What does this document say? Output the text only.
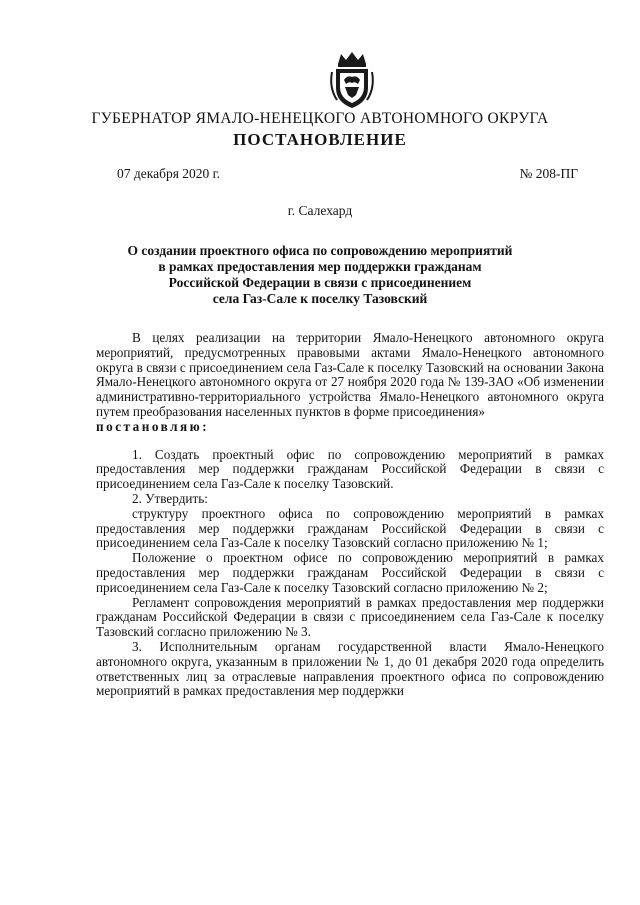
ГУБЕРНАТОР ЯМАЛО-НЕНЕЦКОГО АВТОНОМНОГО ОКРУГА
ПОСТАНОВЛЕНИЕ
07 декабря 2020 г.	№ 208-ПГ
г. Салехард
О создании проектного офиса по сопровождению мероприятий
в рамках предоставления мер поддержки гражданам
Российской Федерации в связи с присоединением
села Газ-Сале к поселку Тазовский

В целях реализации на территории Ямало-Ненецкого автономного округа мероприятий, предусмотренных правовыми актами Ямало-Ненецкого автономного округа в связи с присоединением села Газ-Сале к поселку Тазовский на основании Закона Ямало-Ненецкого автономного округа от 27 ноября 2020 года № 139-ЗАО «Об изменении административно-территориального устройства Ямало-Ненецкого автономного округа путем преобразования населенных пунктов в форме присоединения»

постановляю:

1. Создать проектный офис по сопровождению мероприятий в рамках предоставления мер поддержки гражданам Российской Федерации в связи с присоединением села Газ-Сале к поселку Тазовский.

2. Утвердить:

структуру проектного офиса по сопровождению мероприятий в рамках предоставления мер поддержки гражданам Российской Федерации в связи с присоединением села Газ-Сале к поселку Тазовский согласно приложению № 1;

Положение о проектном офисе по сопровождению мероприятий в рамках предоставления мер поддержки гражданам Российской Федерации в связи с присоединением села Газ-Сале к поселку Тазовский согласно приложению № 2;

Регламент сопровождения мероприятий в рамках предоставления мер поддержки гражданам Российской Федерации в связи с присоединением села Газ-Сале к поселку Тазовский согласно приложению № 3.

3. Исполнительным органам государственной власти Ямало-Ненецкого автономного округа, указанным в приложении № 1, до 01 декабря 2020 года определить ответственных лиц за отраслевые направления проектного офиса по сопровождению мероприятий в рамках предоставления мер поддержки
